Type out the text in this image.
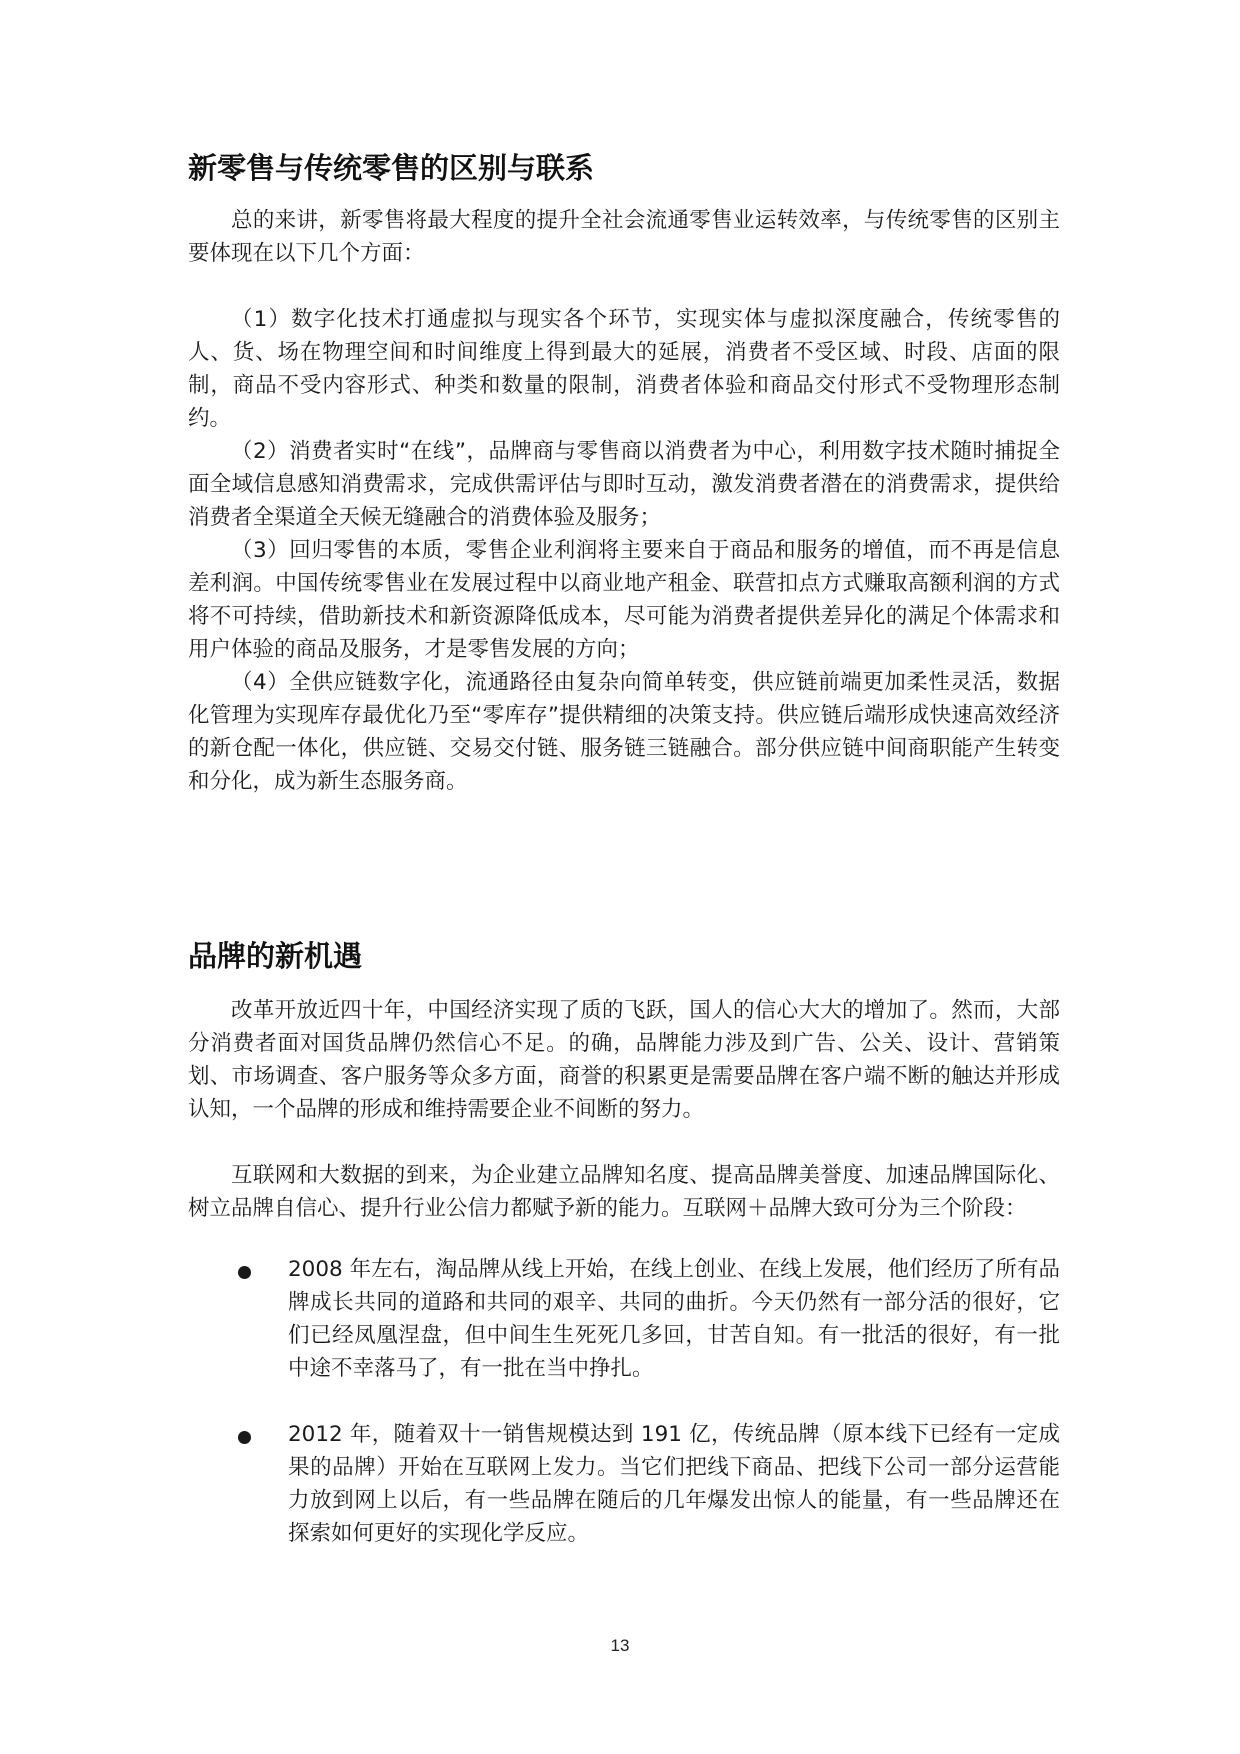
新零售与传统零售的区别与联系

总的来讲，新零售将最大程度的提升全社会流通零售业运转效率，与传统零售的区别主要体现在以下几个方面：

（1）数字化技术打通虚拟与现实各个环节，实现实体与虚拟深度融合，传统零售的人、货、场在物理空间和时间维度上得到最大的延展，消费者不受区域、时段、店面的限制，商品不受内容形式、种类和数量的限制，消费者体验和商品交付形式不受物理形态制约。

（2）消费者实时“在线”，品牌商与零售商以消费者为中心，利用数字技术随时捕捉全面全域信息感知消费需求，完成供需评估与即时互动，激发消费者潜在的消费需求，提供给消费者全渠道全天候无缝融合的消费体验及服务；

（3）回归零售的本质，零售企业利润将主要来自于商品和服务的增值，而不再是信息差利润。中国传统零售业在发展过程中以商业地产租金、联营扣点方式赚取高额利润的方式将不可持续，借助新技术和新资源降低成本，尽可能为消费者提供差异化的满足个体需求和用户体验的商品及服务，才是零售发展的方向；

（4）全供应链数字化，流通路径由复杂向简单转变，供应链前端更加柔性灵活，数据化管理为实现库存最优化乃至“零库存”提供精细的决策支持。供应链后端形成快速高效经济的新仓配一体化，供应链、交易交付链、服务链三链融合。部分供应链中间商职能产生转变和分化，成为新生态服务商。

品牌的新机遇

改革开放近四十年，中国经济实现了质的飞跃，国人的信心大大的增加了。然而，大部分消费者面对国货品牌仍然信心不足。的确，品牌能力涉及到广告、公关、设计、营销策划、市场调查、客户服务等众多方面，商誉的积累更是需要品牌在客户端不断的触达并形成认知，一个品牌的形成和维持需要企业不间断的努力。

互联网和大数据的到来，为企业建立品牌知名度、提高品牌美誉度、加速品牌国际化、树立品牌自信心、提升行业公信力都赋予新的能力。互联网＋品牌大致可分为三个阶段：

2008 年左右，淘品牌从线上开始，在线上创业、在线上发展，他们经历了所有品牌成长共同的道路和共同的艰辛、共同的曲折。今天仍然有一部分活的很好，它们已经凤凰涅盘，但中间生生死死几多回，甘苦自知。有一批活的很好，有一批中途不幸落马了，有一批在当中挣扎。

2012 年，随着双十一销售规模达到 191 亿，传统品牌（原本线下已经有一定成果的品牌）开始在互联网上发力。当它们把线下商品、把线下公司一部分运营能力放到网上以后，有一些品牌在随后的几年爆发出惊人的能量，有一些品牌还在探索如何更好的实现化学反应。

13
